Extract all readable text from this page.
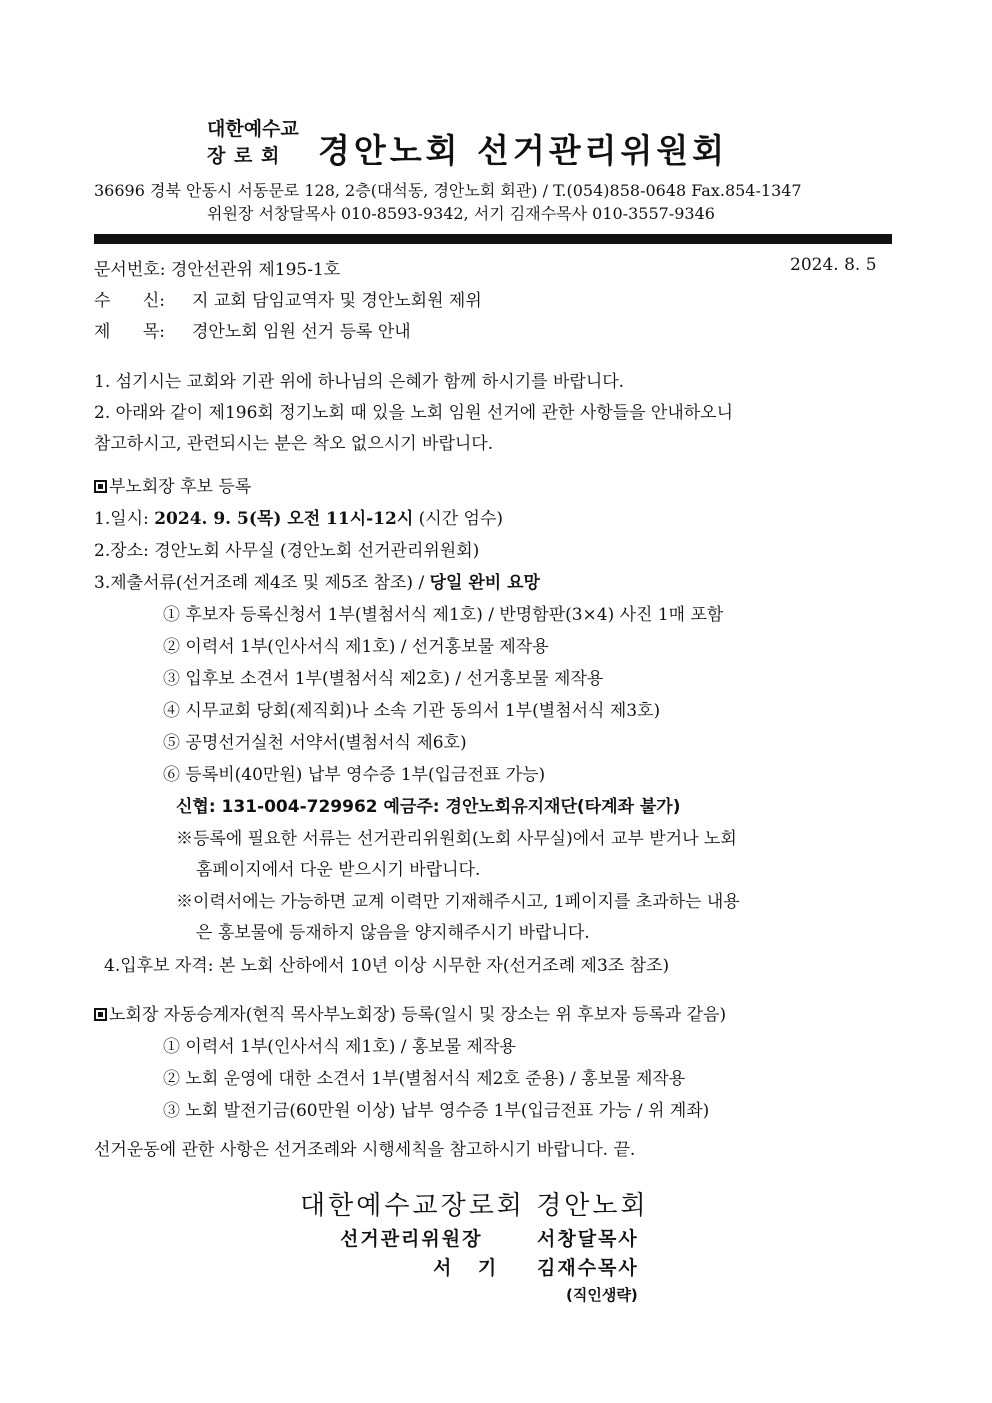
대한예수교
장 로 회 경안노회 선거관리위원회
36696 경북 안동시 서동문로 128, 2층(대석동, 경안노회 회관) / T.(054)858-0648 Fax.854-1347
위원장 서창달목사 010-8593-9342, 서기 김재수목사 010-3557-9346
문서번호: 경안선관위 제195-1호	2024. 8. 5
수      신: 지 교회 담임교역자 및 경안노회원 제위
제      목: 경안노회 임원 선거 등록 안내
1. 섬기시는 교회와 기관 위에 하나님의 은혜가 함께 하시기를 바랍니다.
2. 아래와 같이 제196회 정기노회 때 있을 노회 임원 선거에 관한 사항들을 안내하오니
참고하시고, 관련되시는 분은 착오 없으시기 바랍니다.
부노회장 후보 등록
1.일시: 2024. 9. 5(목) 오전 11시-12시 (시간 엄수)
2.장소: 경안노회 사무실 (경안노회 선거관리위원회)
3.제출서류(선거조례 제4조 및 제5조 참조) / 당일 완비 요망
① 후보자 등록신청서 1부(별첨서식 제1호) / 반명함판(3×4) 사진 1매 포함
② 이력서 1부(인사서식 제1호) / 선거홍보물 제작용
③ 입후보 소견서 1부(별첨서식 제2호) / 선거홍보물 제작용
④ 시무교회 당회(제직회)나 소속 기관 동의서 1부(별첨서식 제3호)
⑤ 공명선거실천 서약서(별첨서식 제6호)
⑥ 등록비(40만원) 납부 영수증 1부(입금전표 가능)
신협: 131-004-729962 예금주: 경안노회유지재단(타계좌 불가)
※등록에 필요한 서류는 선거관리위원회(노회 사무실)에서 교부 받거나 노회
홈페이지에서 다운 받으시기 바랍니다.
※이력서에는 가능하면 교계 이력만 기재해주시고, 1페이지를 초과하는 내용
은 홍보물에 등재하지 않음을 양지해주시기 바랍니다.
4.입후보 자격: 본 노회 산하에서 10년 이상 시무한 자(선거조례 제3조 참조)
노회장 자동승계자(현직 목사부노회장) 등록(일시 및 장소는 위 후보자 등록과 같음)
① 이력서 1부(인사서식 제1호) / 홍보물 제작용
② 노회 운영에 대한 소견서 1부(별첨서식 제2호 준용) / 홍보물 제작용
③ 노회 발전기금(60만원 이상) 납부 영수증 1부(입금전표 가능 / 위 계좌)
선거운동에 관한 사항은 선거조례와 시행세칙을 참고하시기 바랍니다. 끝.
대한예수교장로회 경안노회
선거관리위원장	서창달목사
서    기 김재수목사
(직인생략)
